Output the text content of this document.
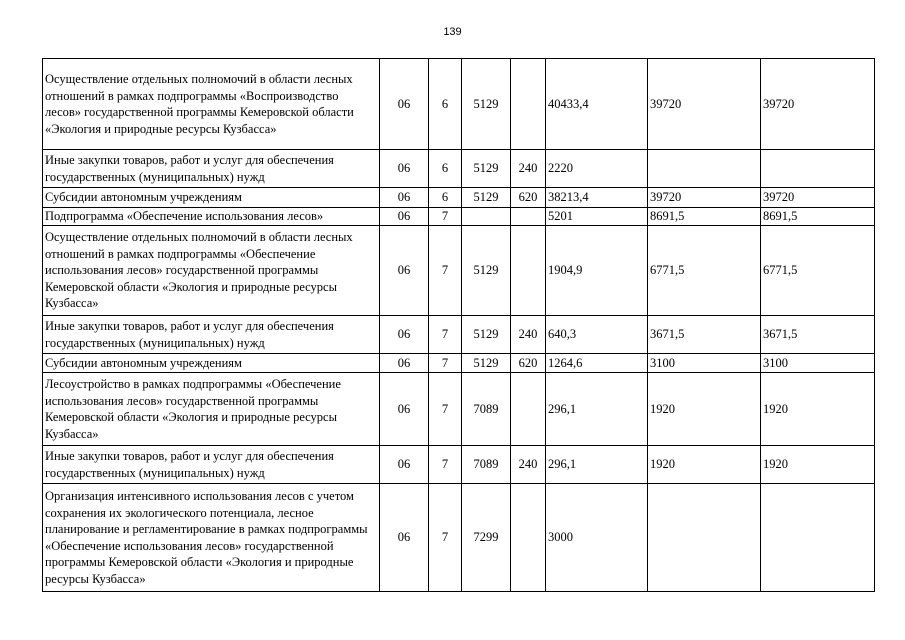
139
Осуществление отдельных полномочий в области лесных отношений в рамках подпрограммы «Воспроизводство лесов» государственной программы Кемеровской области «Экология и природные ресурсы Кузбасса»	06	6	5129		40433,4	39720	39720
Иные закупки товаров, работ и услуг для обеспечения государственных (муниципальных) нужд	06	6	5129	240	2220		
Субсидии автономным учреждениям	06	6	5129	620	38213,4	39720	39720
Подпрограмма «Обеспечение использования лесов»	06	7			5201	8691,5	8691,5
Осуществление отдельных полномочий в области лесных отношений в рамках подпрограммы «Обеспечение использования лесов» государственной программы Кемеровской области «Экология и природные ресурсы Кузбасса»	06	7	5129		1904,9	6771,5	6771,5
Иные закупки товаров, работ и услуг для обеспечения государственных (муниципальных) нужд	06	7	5129	240	640,3	3671,5	3671,5
Субсидии автономным учреждениям	06	7	5129	620	1264,6	3100	3100
Лесоустройство в рамках подпрограммы «Обеспечение использования лесов» государственной программы Кемеровской области «Экология и природные ресурсы Кузбасса»	06	7	7089		296,1	1920	1920
Иные закупки товаров, работ и услуг для обеспечения государственных (муниципальных) нужд	06	7	7089	240	296,1	1920	1920
Организация интенсивного использования лесов с учетом сохранения их экологического потенциала, лесное планирование и регламентирование в рамках подпрограммы «Обеспечение использования лесов» государственной программы Кемеровской области «Экология и природные ресурсы Кузбасса»	06	7	7299		3000		
